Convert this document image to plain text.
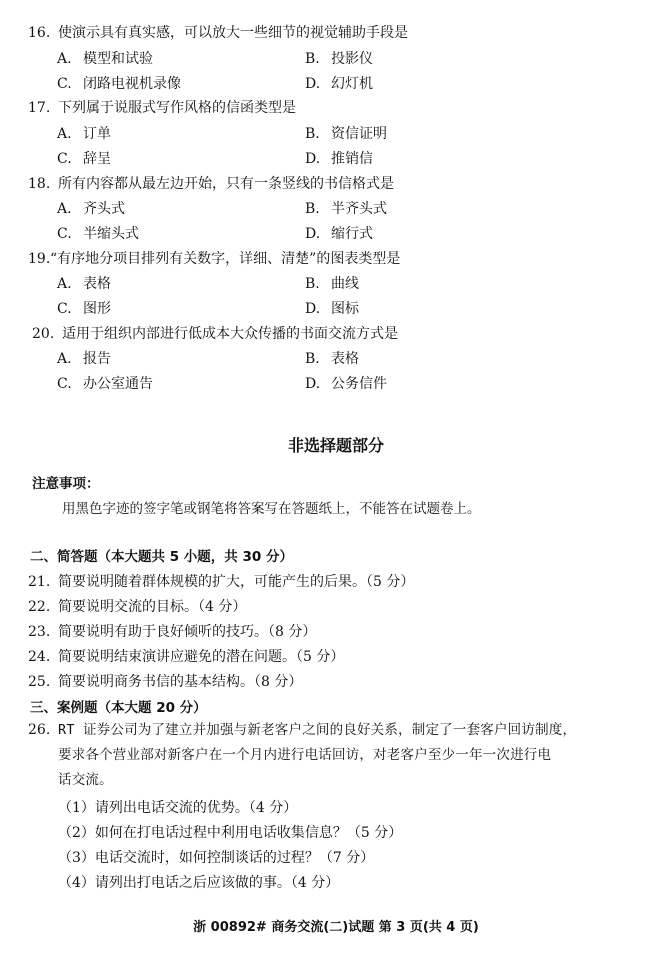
16. 使演示具有真实感，可以放大一些细节的视觉辅助手段是
A. 模型和试验	B. 投影仪
C. 闭路电视机录像	D. 幻灯机
17. 下列属于说服式写作风格的信函类型是
A. 订单	B. 资信证明
C. 辞呈	D. 推销信
18. 所有内容都从最左边开始，只有一条竖线的书信格式是
A. 齐头式	B. 半齐头式
C. 半缩头式	D. 缩行式
19.“有序地分项目排列有关数字，详细、清楚”的图表类型是
A. 表格	B. 曲线
C. 图形	D. 图标
20. 适用于组织内部进行低成本大众传播的书面交流方式是
A. 报告	B. 表格
C. 办公室通告	D. 公务信件
非选择题部分
注意事项：
用黑色字迹的签字笔或钢笔将答案写在答题纸上，不能答在试题卷上。
二、简答题（本大题共 5 小题，共 30 分）
21. 简要说明随着群体规模的扩大，可能产生的后果。（5 分）
22. 简要说明交流的目标。（4 分）
23. 简要说明有助于良好倾听的技巧。（8 分）
24. 简要说明结束演讲应避免的潜在问题。（5 分）
25. 简要说明商务书信的基本结构。（8 分）
三、案例题（本大题 20 分）
26. RT 证券公司为了建立并加强与新老客户之间的良好关系，制定了一套客户回访制度，
要求各个营业部对新客户在一个月内进行电话回访，对老客户至少一年一次进行电
话交流。
（1）请列出电话交流的优势。（4 分）
（2）如何在打电话过程中利用电话收集信息？（5 分）
（3）电话交流时，如何控制谈话的过程？（7 分）
（4）请列出打电话之后应该做的事。（4 分）
浙 00892# 商务交流(二)试题 第 3 页(共 4 页)
